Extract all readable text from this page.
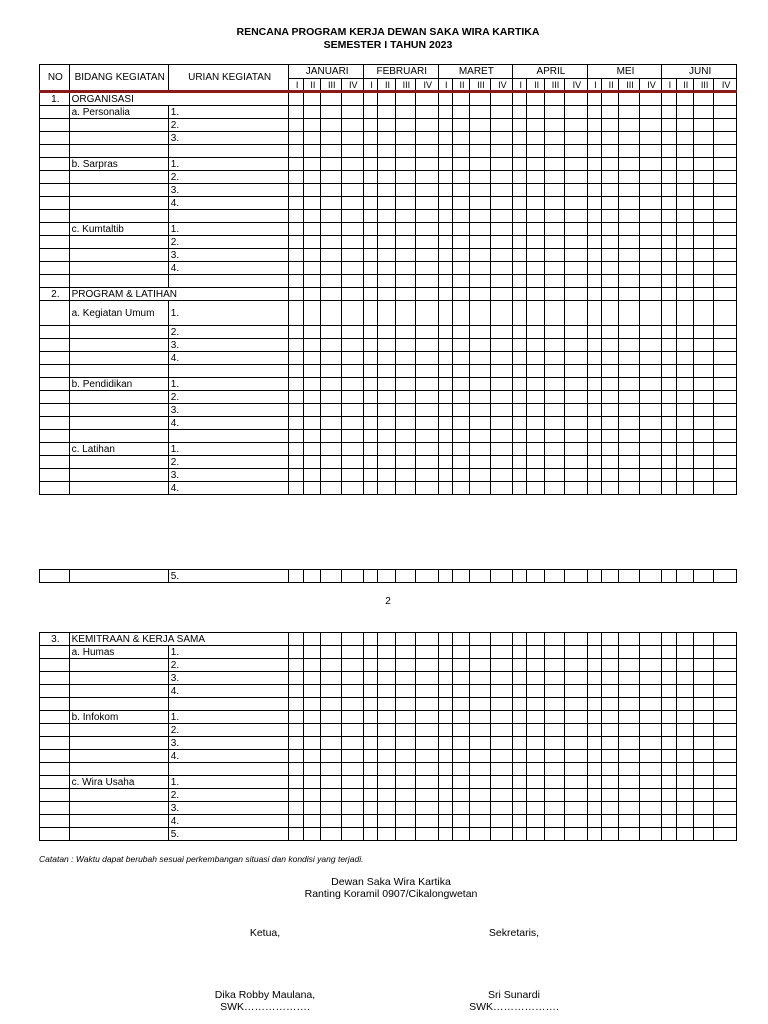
RENCANA PROGRAM KERJA DEWAN SAKA WIRA KARTIKA
SEMESTER I TAHUN 2023
NO	BIDANG KEGIATAN	URIAN KEGIATAN	JANUARI				FEBRUARI				MARET				APRIL				MEI				JUNI			
			I	II	III	IV	I	II	III	IV	I	II	III	IV	I	II	III	IV	I	II	III	IV	I	II	III	IV
1.	ORGANISASI																									
	a. Personalia	1.																								
		2.																								
		3.																								

	b. Sarpras	1.																								
		2.																								
		3.																								
		4.																								

	c. Kumtaltib	1.																								
		2.																								
		3.																								
		4.																								

2.	PROGRAM & LATIHAN																									
	a. Kegiatan Umum	1.																								
		2.																								
		3.																								
		4.																								

	b. Pendidikan	1.																								
		2.																								
		3.																								
		4.																								

	c. Latihan	1.																								
		2.																								
		3.																								
		4.																								
		5.																								
2
3.	KEMITRAAN & KERJA SAMA																									
	a. Humas	1.																								
		2.																								
		3.																								
		4.																								

	b. Infokom	1.																								
		2.																								
		3.																								
		4.																								

	c. Wira Usaha	1.																								
		2.																								
		3.																								
		4.																								
		5.																								
Catatan : Waktu dapat berubah sesuai perkembangan situasi dan kondisi yang terjadi.
Dewan Saka Wira Kartika
Ranting Koramil 0907/Cikalongwetan
Ketua,	Sekretaris,
Dika Robby Maulana,
SWK……………….
Sri Sunardi
SWK……………….
